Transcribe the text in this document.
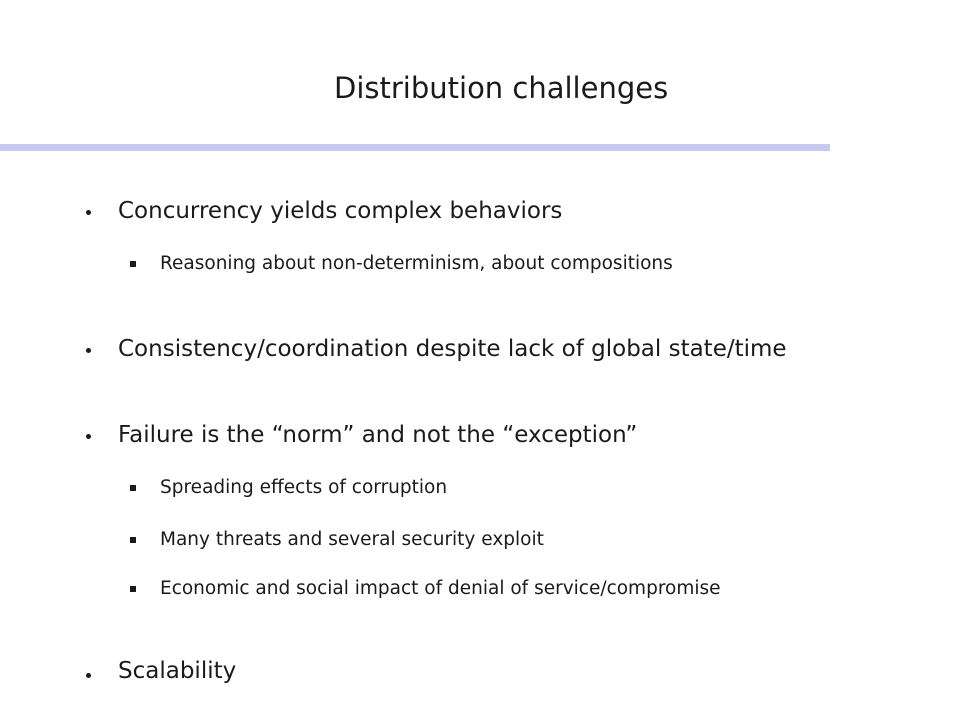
Distribution challenges
Concurrency yields complex behaviors
Reasoning about non-determinism, about compositions
Consistency/coordination despite lack of global state/time
Failure is the “norm” and not the “exception”
Spreading effects of corruption
Many threats and several security exploit
Economic and social impact of denial of service/compromise
Scalability
